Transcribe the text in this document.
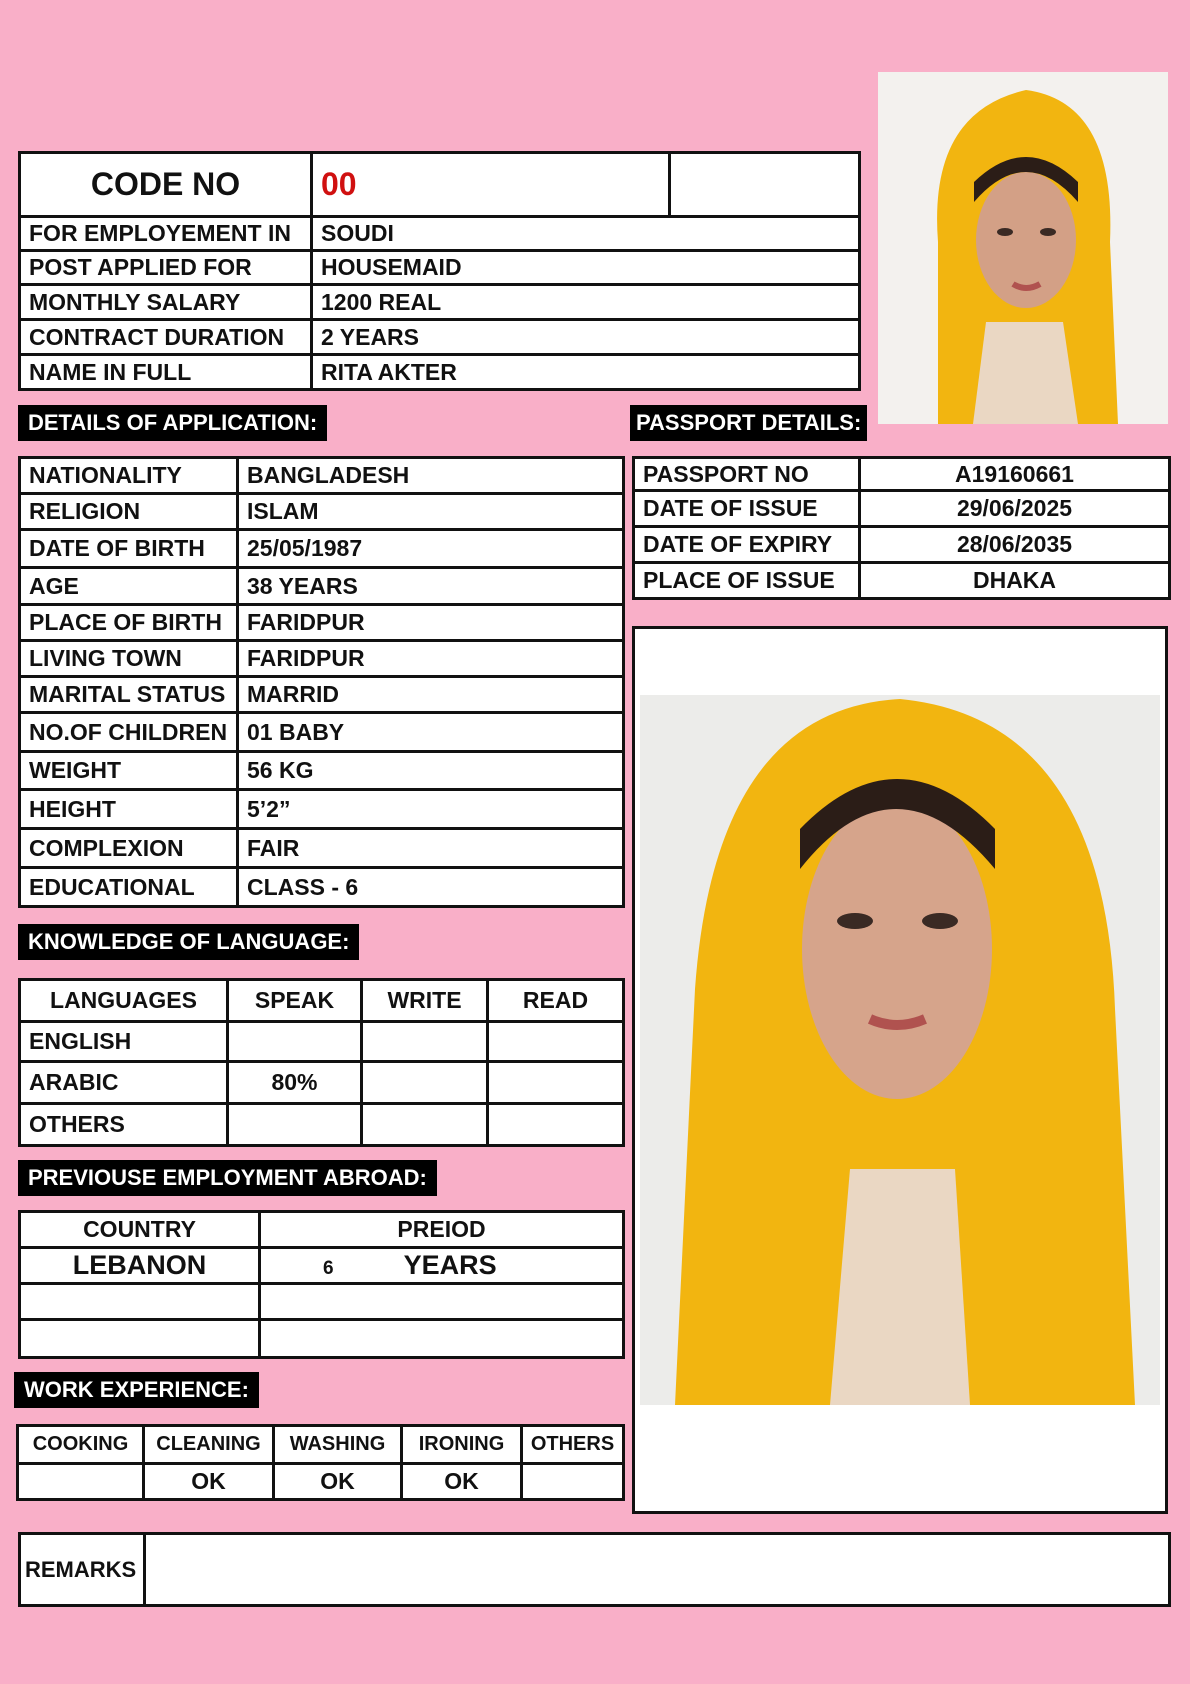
CODE NO	00	
FOR EMPLOYEMENT IN	SOUDI	
POST APPLIED FOR	HOUSEMAID	
MONTHLY SALARY	1200 REAL	
CONTRACT DURATION	2 YEARS	
NAME IN FULL	RITA AKTER	
DETAILS OF APPLICATION:
NATIONALITY	BANGLADESH
RELIGION	ISLAM
DATE OF BIRTH	25/05/1987
AGE	38 YEARS
PLACE OF BIRTH	FARIDPUR
LIVING TOWN	FARIDPUR
MARITAL STATUS	MARRID
NO.OF CHILDREN	01 BABY
WEIGHT	56 KG
HEIGHT	5’2”
COMPLEXION	FAIR
EDUCATIONAL	CLASS - 6
PASSPORT DETAILS:
PASSPORT NO	A19160661
DATE OF ISSUE	29/06/2025
DATE OF EXPIRY	28/06/2035
PLACE OF ISSUE	DHAKA
KNOWLEDGE OF LANGUAGE:
LANGUAGES	SPEAK	WRITE	READ
ENGLISH			
ARABIC	80%		
OTHERS			
PREVIOUSE EMPLOYMENT ABROAD:
COUNTRY	PREIOD
LEBANON	6 YEARS

WORK EXPERIENCE:
COOKING	CLEANING	WASHING	IRONING	OTHERS
	OK	OK	OK	
REMARKS	
